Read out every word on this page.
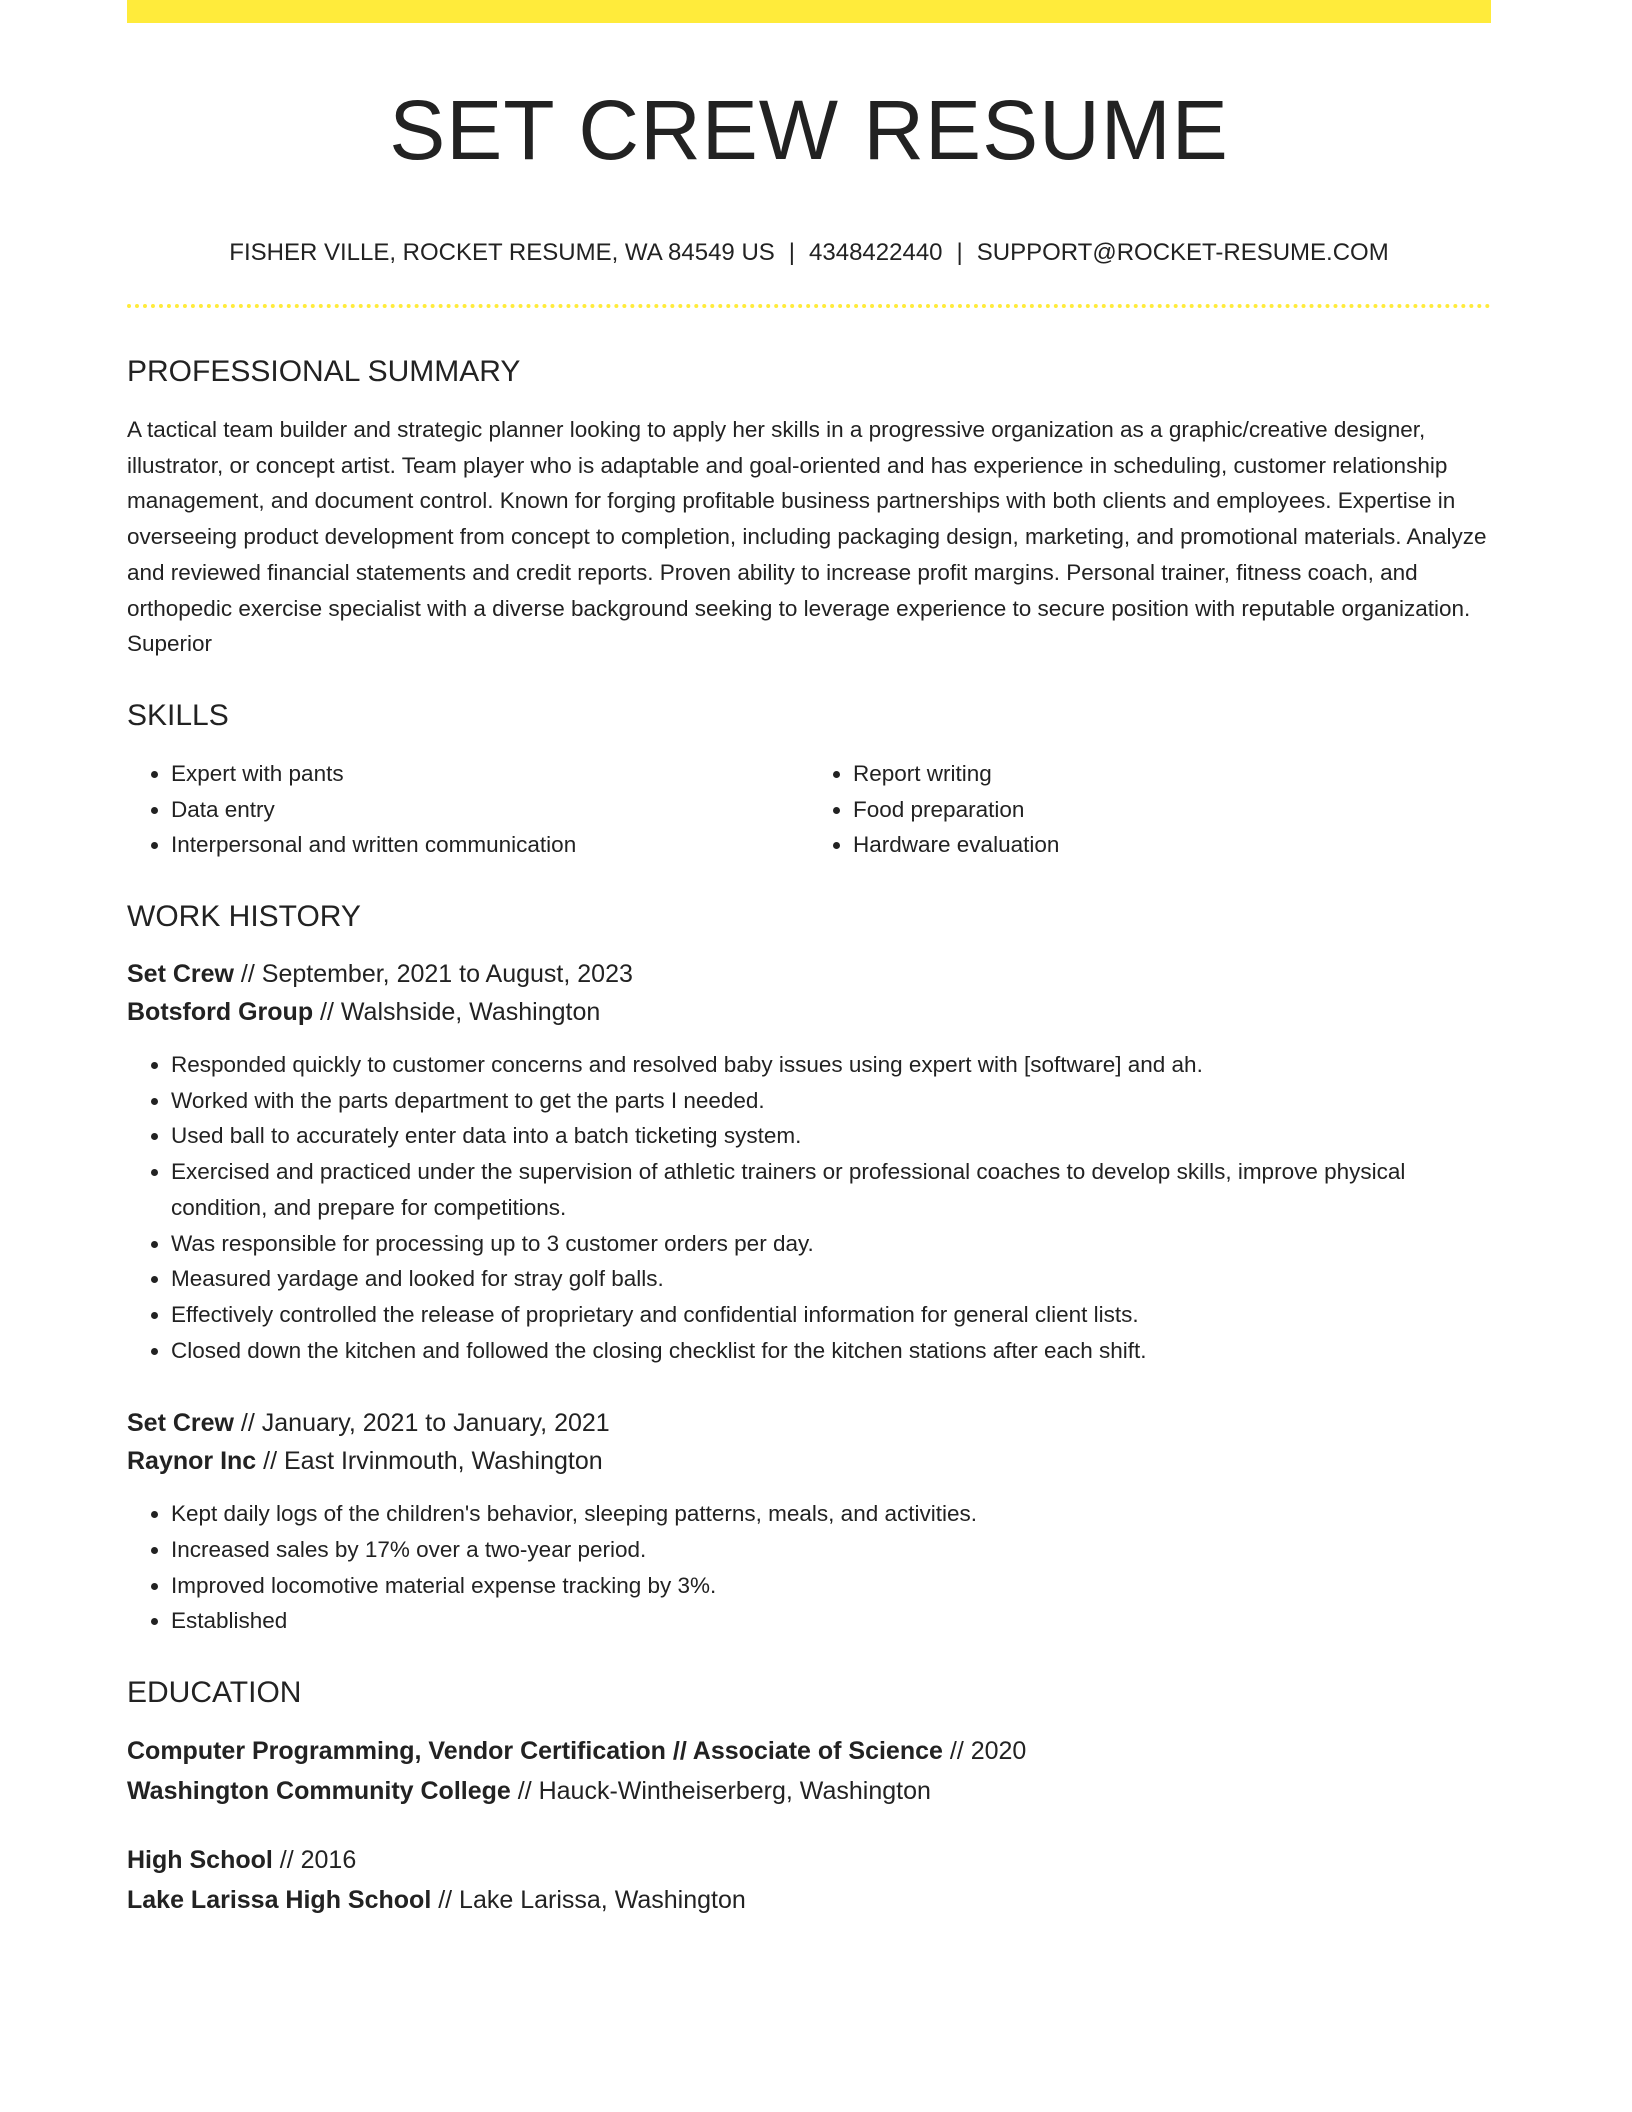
SET CREW RESUME
FISHER VILLE, ROCKET RESUME, WA 84549 US | 4348422440 | SUPPORT@ROCKET-RESUME.COM
PROFESSIONAL SUMMARY

A tactical team builder and strategic planner looking to apply her skills in a progressive organization as a graphic/creative designer, illustrator, or concept artist. Team player who is adaptable and goal-oriented and has experience in scheduling, customer relationship management, and document control. Known for forging profitable business partnerships with both clients and employees. Expertise in overseeing product development from concept to completion, including packaging design, marketing, and promotional materials. Analyze and reviewed financial statements and credit reports. Proven ability to increase profit margins. Personal trainer, fitness coach, and orthopedic exercise specialist with a diverse background seeking to leverage experience to secure position with reputable organization. Superior

SKILLS
• Expert with pants
• Data entry
• Interpersonal and written communication
• Report writing
• Food preparation
• Hardware evaluation
WORK HISTORY
Set Crew // September, 2021 to August, 2023
Botsford Group // Walshside, Washington
• Responded quickly to customer concerns and resolved baby issues using expert with [software] and ah.
• Worked with the parts department to get the parts I needed.
• Used ball to accurately enter data into a batch ticketing system.
• Exercised and practiced under the supervision of athletic trainers or professional coaches to develop skills, improve physical condition, and prepare for competitions.
• Was responsible for processing up to 3 customer orders per day.
• Measured yardage and looked for stray golf balls.
• Effectively controlled the release of proprietary and confidential information for general client lists.
• Closed down the kitchen and followed the closing checklist for the kitchen stations after each shift.
Set Crew // January, 2021 to January, 2021
Raynor Inc // East Irvinmouth, Washington
• Kept daily logs of the children's behavior, sleeping patterns, meals, and activities.
• Increased sales by 17% over a two-year period.
• Improved locomotive material expense tracking by 3%.
• Established
EDUCATION
Computer Programming, Vendor Certification // Associate of Science // 2020
Washington Community College // Hauck-Wintheiserberg, Washington
High School // 2016
Lake Larissa High School // Lake Larissa, Washington
